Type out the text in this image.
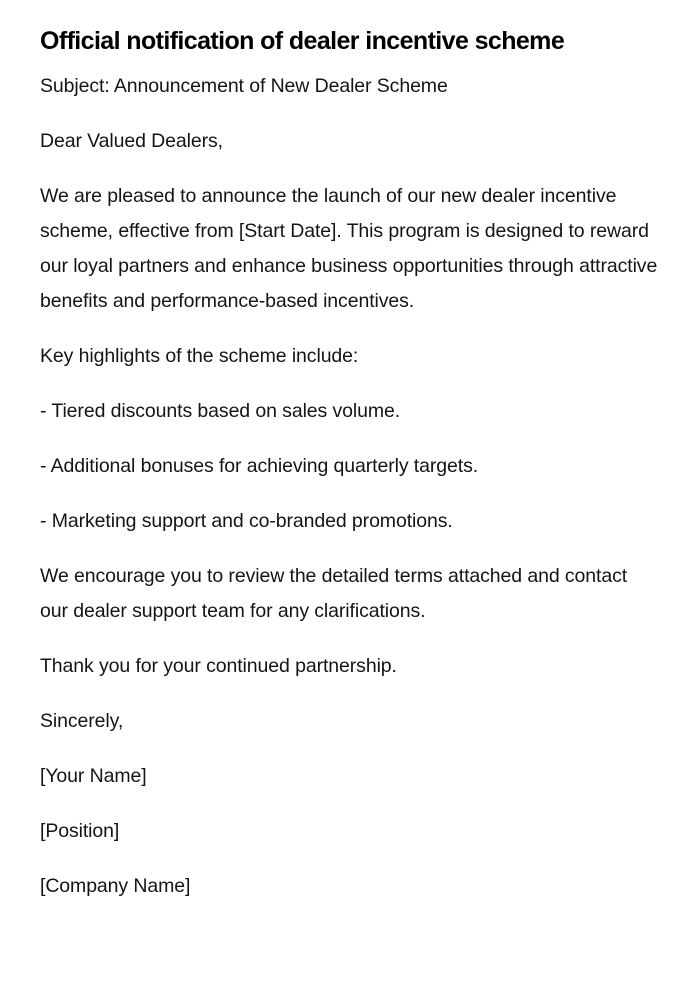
Official notification of dealer incentive scheme

Subject: Announcement of New Dealer Scheme

Dear Valued Dealers,

We are pleased to announce the launch of our new dealer incentive scheme, effective from [Start Date]. This program is designed to reward our loyal partners and enhance business opportunities through attractive benefits and performance-based incentives.

Key highlights of the scheme include:

- Tiered discounts based on sales volume.

- Additional bonuses for achieving quarterly targets.

- Marketing support and co-branded promotions.

We encourage you to review the detailed terms attached and contact our dealer support team for any clarifications.

Thank you for your continued partnership.

Sincerely,

[Your Name]

[Position]

[Company Name]
